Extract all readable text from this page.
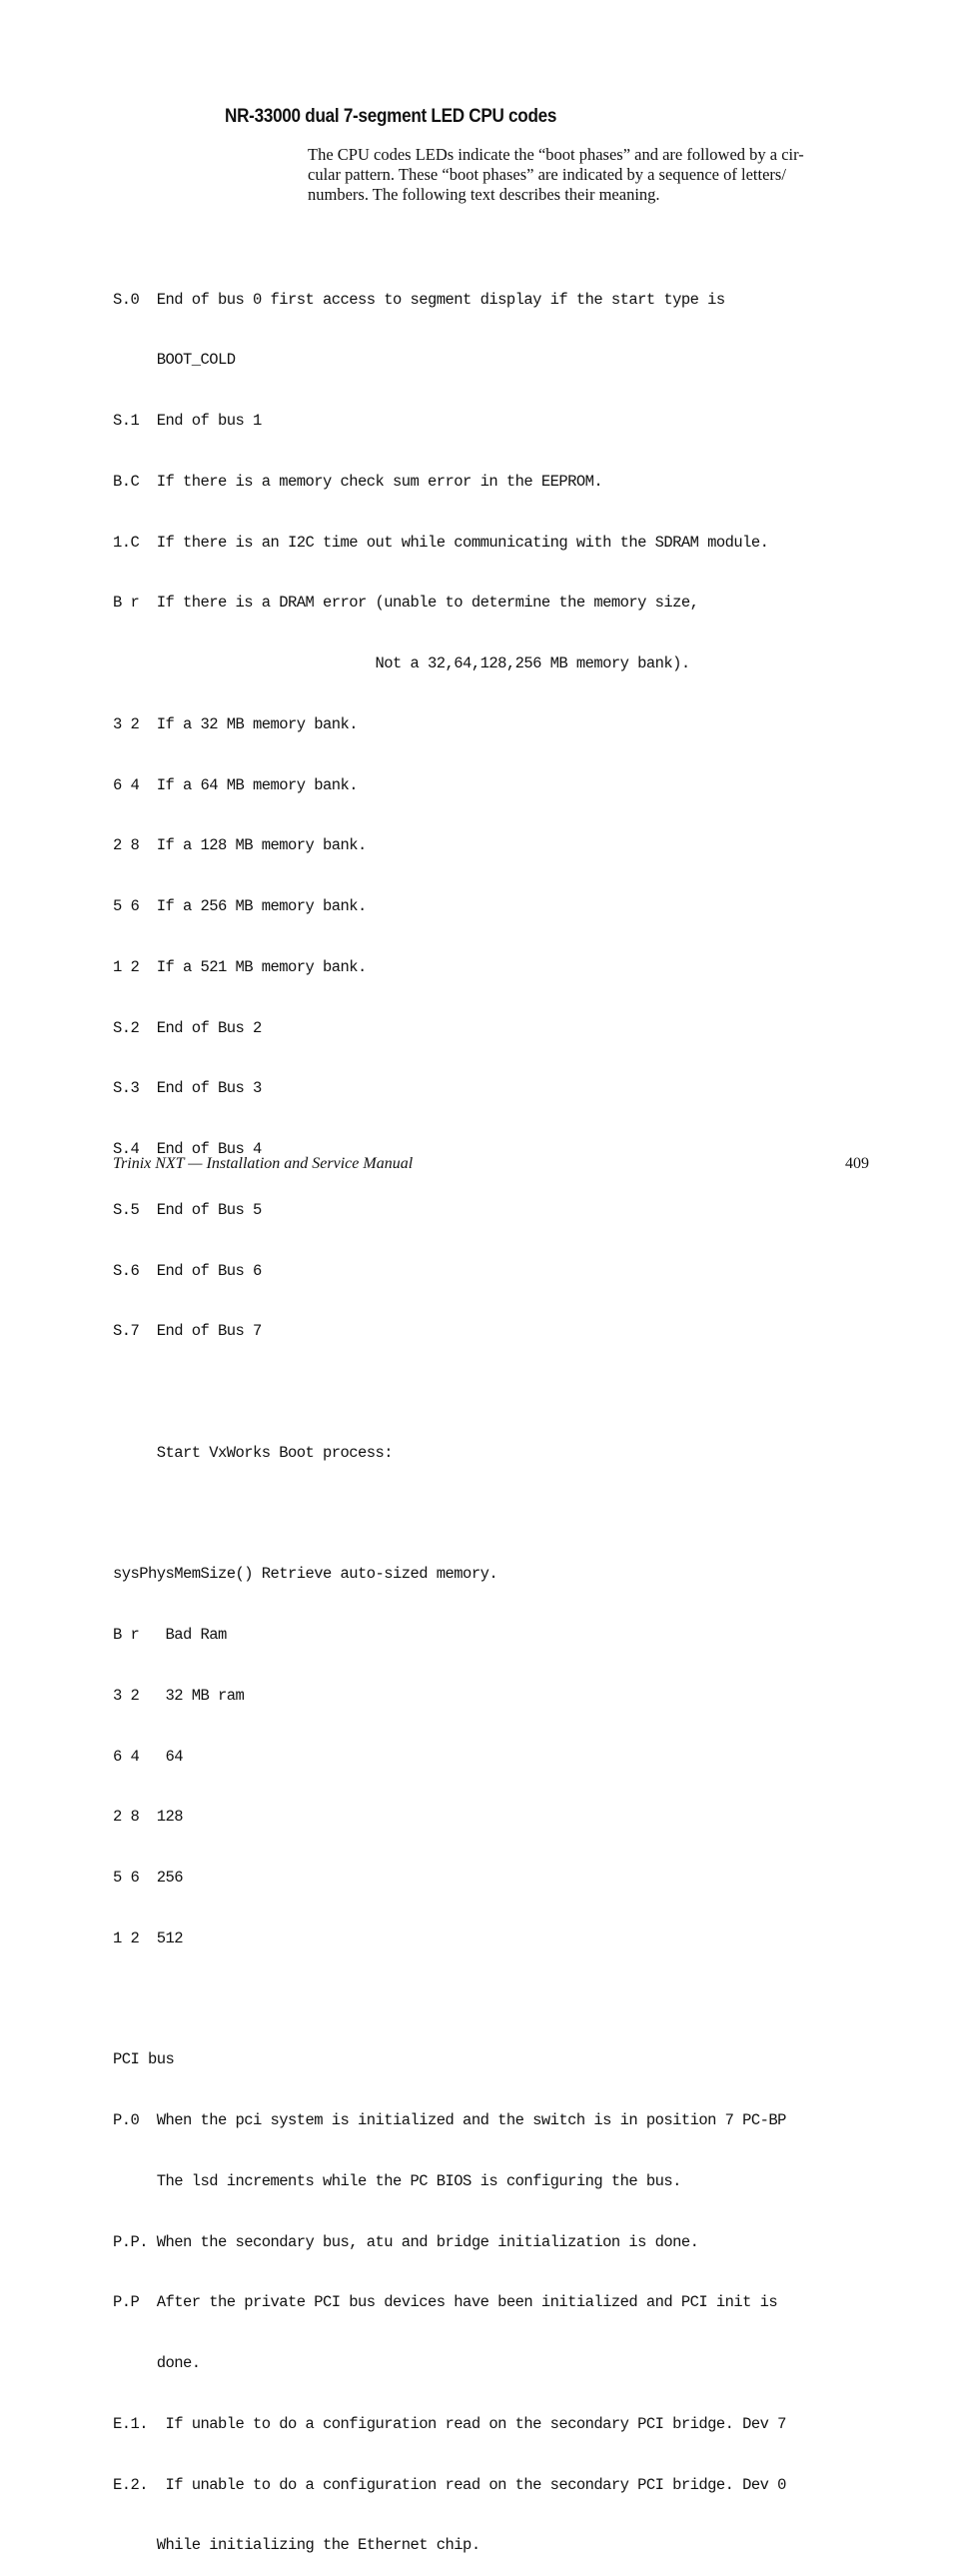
NR-33000 dual 7-segment LED CPU codes

The CPU codes LEDs indicate the “boot phases” and are followed by a cir-
cular pattern. These “boot phases” are indicated by a sequence of letters/
numbers. The following text describes their meaning.

S.0  End of bus 0 first access to segment display if the start type is

BOOT_COLD

S.1  End of bus 1

B.C  If there is a memory check sum error in the EEPROM.

1.C  If there is an I2C time out while communicating with the SDRAM module.

B r  If there is a DRAM error (unable to determine the memory size,

Not a 32,64,128,256 MB memory bank).

3 2  If a 32 MB memory bank.

6 4  If a 64 MB memory bank.

2 8  If a 128 MB memory bank.

5 6  If a 256 MB memory bank.

1 2  If a 521 MB memory bank.

S.2  End of Bus 2

S.3  End of Bus 3

S.4  End of Bus 4

S.5  End of Bus 5

S.6  End of Bus 6

S.7  End of Bus 7

Start VxWorks Boot process:

sysPhysMemSize() Retrieve auto-sized memory.

B r   Bad Ram

3 2   32 MB ram

6 4   64

2 8  128

5 6  256

1 2  512

PCI bus

P.0  When the pci system is initialized and the switch is in position 7 PC-BP

The lsd increments while the PC BIOS is configuring the bus.

P.P. When the secondary bus, atu and bridge initialization is done.

P.P  After the private PCI bus devices have been initialized and PCI init is

done.

E.1.  If unable to do a configuration read on the secondary PCI bridge. Dev 7

E.2.  If unable to do a configuration read on the secondary PCI bridge. Dev 0

While initializing the Ethernet chip.

Trinix NXT — Installation and Service Manual	409
